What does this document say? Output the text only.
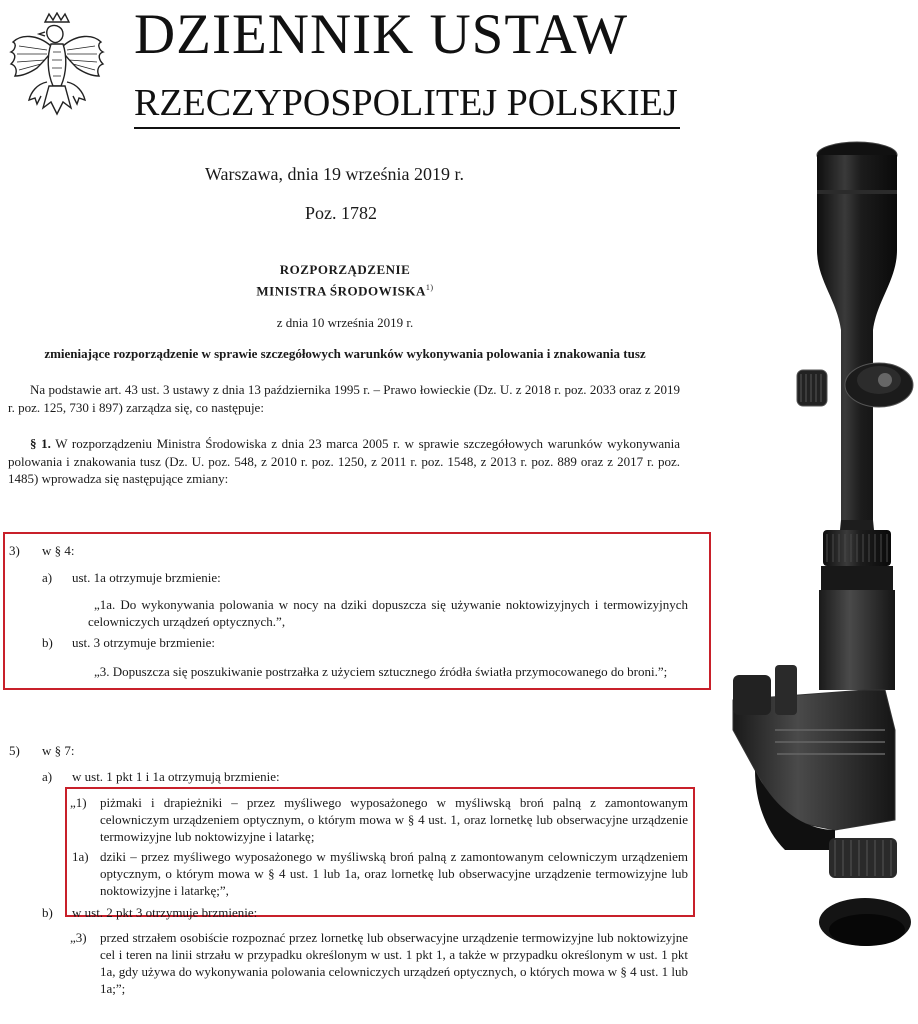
DZIENNIK USTAW
RZECZYPOSPOLITEJ POLSKIEJ
Warszawa, dnia 19 września 2019 r.
Poz. 1782
ROZPORZĄDZENIE
MINISTRA ŚRODOWISKA$^{1)}$
z dnia 10 września 2019 r.
zmieniające rozporządzenie w sprawie szczegółowych warunków wykonywania polowania i znakowania tusz
Na podstawie art. 43 ust. 3 ustawy z dnia 13 października 1995 r. – Prawo łowieckie (Dz. U. z 2018 r. poz. 2033 oraz z 2019 r. poz. 125, 730 i 897) zarządza się, co następuje:
§ 1. W rozporządzeniu Ministra Środowiska z dnia 23 marca 2005 r. w sprawie szczegółowych warunków wykonywania polowania i znakowania tusz (Dz. U. poz. 548, z 2010 r. poz. 1250, z 2011 r. poz. 1548, z 2013 r. poz. 889 oraz z 2017 r. poz. 1485) wprowadza się następujące zmiany:
3) w § 4:
a) ust. 1a otrzymuje brzmienie:
„1a. Do wykonywania polowania w nocy na dziki dopuszcza się używanie noktowizyjnych i termowizyjnych celowniczych urządzeń optycznych.”,
b) ust. 3 otrzymuje brzmienie:
„3. Dopuszcza się poszukiwanie postrzałka z użyciem sztucznego źródła światła przymocowanego do broni.”;
5) w § 7:
a) w ust. 1 pkt 1 i 1a otrzymują brzmienie:
„1) piżmaki i drapieżniki – przez myśliwego wyposażonego w myśliwską broń palną z zamontowanym celowniczym urządzeniem optycznym, o którym mowa w § 4 ust. 1, oraz lornetkę lub obserwacyjne urządzenie termowizyjne lub noktowizyjne i latarkę;
1a) dziki – przez myśliwego wyposażonego w myśliwską broń palną z zamontowanym celowniczym urządzeniem optycznym, o którym mowa w § 4 ust. 1 lub 1a, oraz lornetkę lub obserwacyjne urządzenie termowizyjne lub noktowizyjne i latarkę;”,
b) w ust. 2 pkt 3 otrzymuje brzmienie:
„3) przed strzałem osobiście rozpoznać przez lornetkę lub obserwacyjne urządzenie termowizyjne lub noktowizyjne cel i teren na linii strzału w przypadku określonym w ust. 1 pkt 1, a także w przypadku określonym w ust. 1 pkt 1a, gdy używa do wykonywania polowania celowniczych urządzeń optycznych, o których mowa w § 4 ust. 1 lub 1a;”;
